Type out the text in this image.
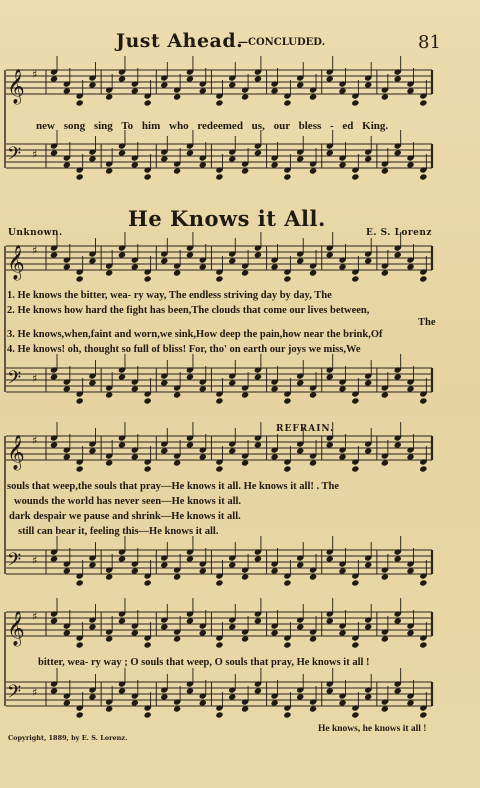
Just Ahead.
—CONCLUDED.	81
𝄞 ♯
𝄢 ♯
𝄞 ♯
𝄢 ♯
𝄞 ♯
𝄢 ♯
𝄞 ♯
𝄢 ♯
new song sing To him who redeemed us, our bless - ed King.
He Knows it All.
Unknown.	E. S. Lorenz
1. He knows the bitter, wea- ry way, The endless striving day by day, The
2. He knows how hard the fight has been,The clouds that come our lives between,
The
3. He knows,when,faint and worn,we sink,How deep the pain,how near the brink,Of
4. He knows! oh, thought so full of bliss! For, tho' on earth our joys we miss,We
REFRAIN.
souls that weep,the souls that pray—He knows it all. He knows it all! . The
wounds the world has never seen—He knows it all.
dark despair we pause and shrink—He knows it all.
still can bear it, feeling this—He knows it all.
bitter, wea- ry way ; O souls that weep, O souls that pray, He knows it all !
He knows, he knows it all !
Copyright, 1889, by E. S. Lorenz.
